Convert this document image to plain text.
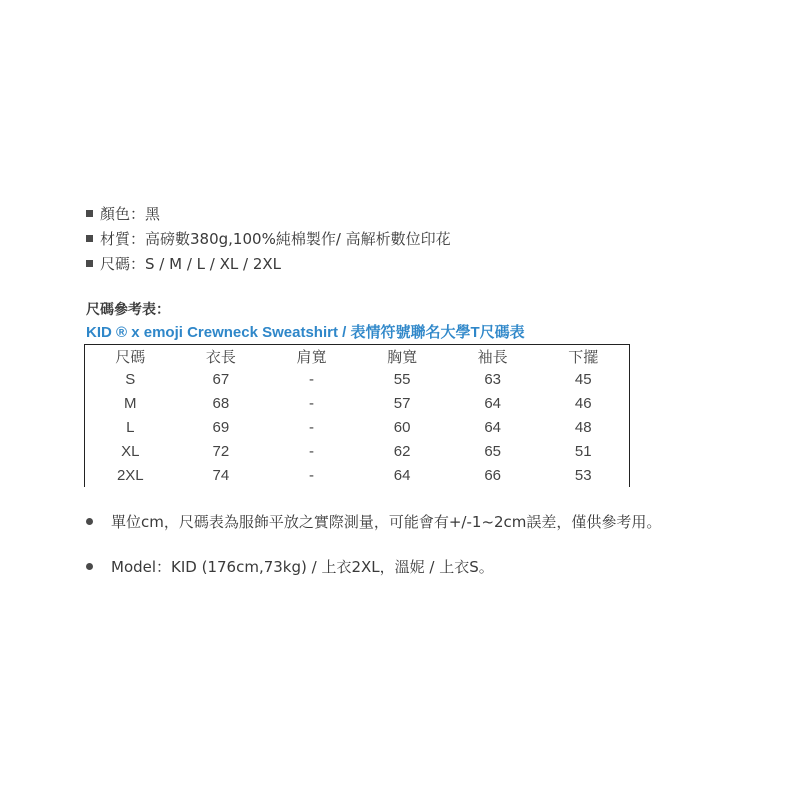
顏色： 黑
材質： 高磅數380g,100%純棉製作/ 高解析數位印花
尺碼： S / M / L / XL / 2XL
尺碼參考表：
KID ® x emoji Crewneck Sweatshirt / 表情符號聯名大學T尺碼表
尺碼	衣長	肩寬	胸寬	袖長	下擺
S	67	-	55	63	45
M	68	-	57	64	46
L	69	-	60	64	48
XL	72	-	62	65	51
2XL	74	-	64	66	53
單位cm，尺碼表為服飾平放之實際測量，可能會有+/-1~2cm誤差，僅供參考用。
Model：KID (176cm,73kg) / 上衣2XL，溫妮 / 上衣S。
